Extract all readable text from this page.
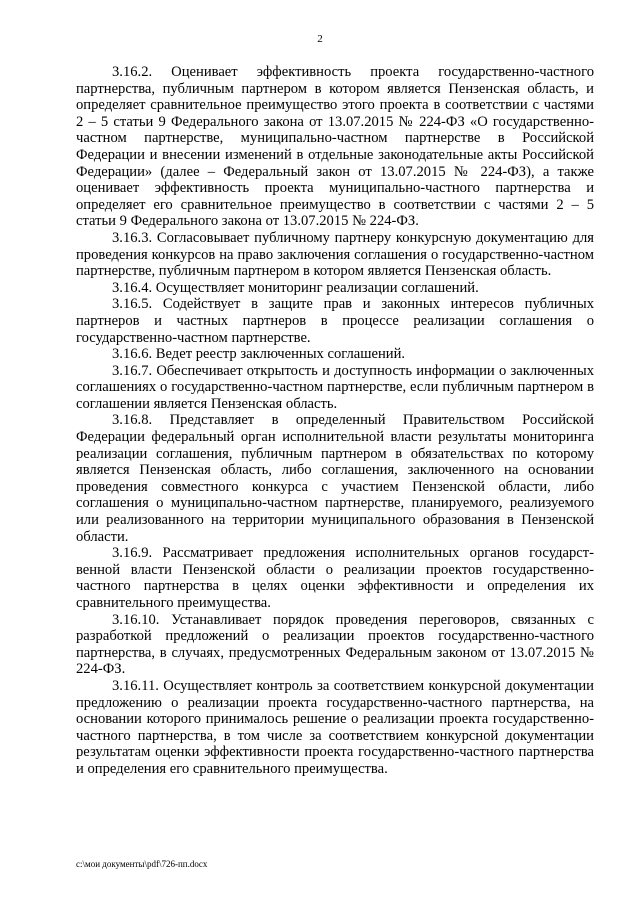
2

3.16.2. Оценивает эффективность проекта государственно-частного партнерства, публичным партнером в котором является Пензенская область, и определяет сравнительное преимущество этого проекта в соответствии с частями 2 – 5 статьи 9 Федерального закона от 13.07.2015 № 224-ФЗ «О государственно-частном партнерстве, муниципально-частном партнерстве в Российской Федерации и внесении изменений в отдельные законодательные акты Российской Федерации» (далее – Федеральный закон от 13.07.2015 № 224-ФЗ), а также оценивает эффективность проекта муниципально-частного партнерства и определяет его сравнительное преимущество в соответствии с частями 2 – 5 статьи 9 Федерального закона от 13.07.2015 № 224-ФЗ.

3.16.3. Согласовывает публичному партнеру конкурсную документацию для проведения конкурсов на право заключения соглашения о государственно-частном партнерстве, публичным партнером в котором является Пензенская область.

3.16.4. Осуществляет мониторинг реализации соглашений.

3.16.5. Содействует в защите прав и законных интересов публичных партнеров и частных партнеров в процессе реализации соглашения о государственно-частном партнерстве.

3.16.6. Ведет реестр заключенных соглашений.

3.16.7. Обеспечивает открытость и доступность информации о заключенных соглашениях о государственно-частном партнерстве, если публичным партнером в соглашении является Пензенская область.

3.16.8. Представляет в определенный Правительством Российской Федерации федеральный орган исполнительной власти результаты мониторинга реализации соглашения, публичным партнером в обязательствах по которому является Пензенская область, либо соглашения, заключенного на основании проведения совместного конкурса с участием Пензенской области, либо соглашения о муниципально-частном партнерстве, планируемого, реализуемого или реализованного на территории муниципального образования в Пензенской области.

3.16.9. Рассматривает предложения исполнительных органов государственной власти Пензенской области о реализации проектов государственно-частного партнерства в целях оценки эффективности и определения их сравнительного преимущества.

3.16.10. Устанавливает порядок проведения переговоров, связанных с разработкой предложений о реализации проектов государственно-частного партнерства, в случаях, предусмотренных Федеральным законом от 13.07.2015 № 224-ФЗ.

3.16.11. Осуществляет контроль за соответствием конкурсной документации предложению о реализации проекта государственно-частного партнерства, на основании которого принималось решение о реализации проекта государственно-частного партнерства, в том числе за соответствием конкурсной документации результатам оценки эффективности проекта государственно-частного партнерства и определения его сравнительного преимущества.

c:\мои документы\pdf\726-пп.docx
